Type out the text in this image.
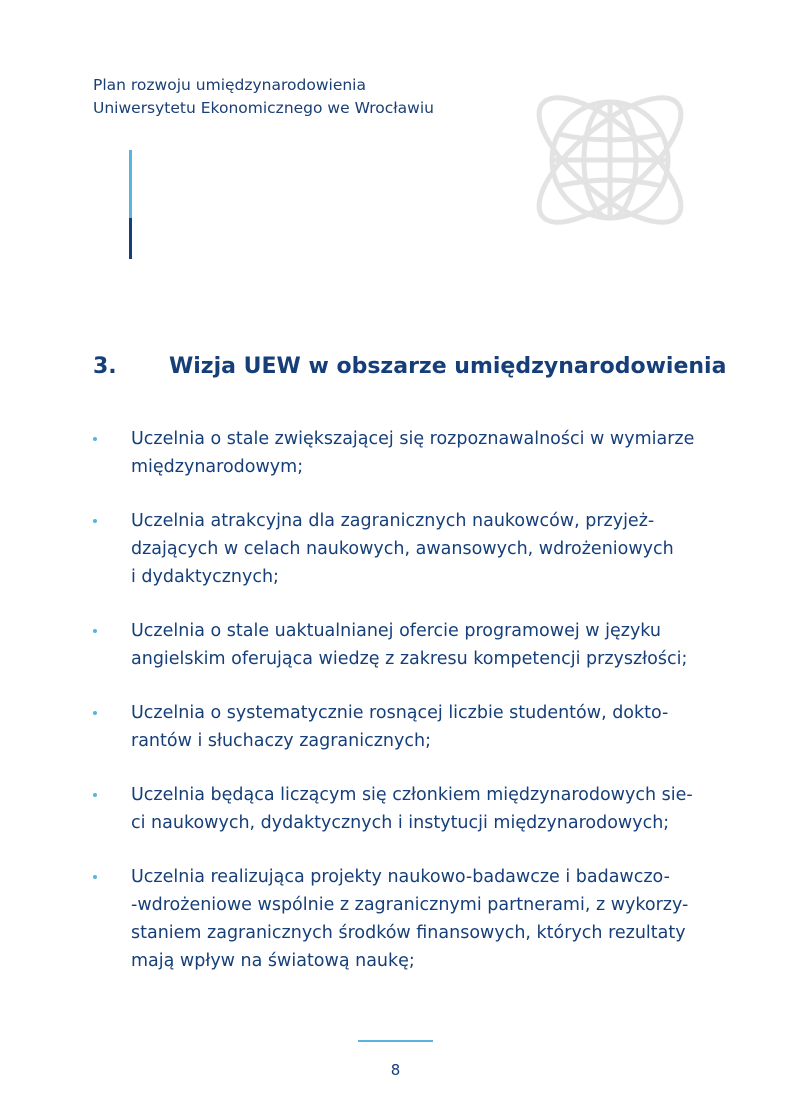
Plan rozwoju umiędzynarodowienia
Uniwersytetu Ekonomicznego we Wrocławiu
3. Wizja UEW w obszarze umiędzynarodowienia

Uczelnia o stale zwiększającej się rozpoznawalności w wymiarze
międzynarodowym;

Uczelnia atrakcyjna dla zagranicznych naukowców, przyjeż-
dzających w celach naukowych, awansowych, wdrożeniowych
i dydaktycznych;

Uczelnia o stale uaktualnianej ofercie programowej w języku
angielskim oferująca wiedzę z zakresu kompetencji przyszłości;

Uczelnia o systematycznie rosnącej liczbie studentów, dokto-
rantów i słuchaczy zagranicznych;

Uczelnia będąca liczącym się członkiem międzynarodowych sie-
ci naukowych, dydaktycznych i instytucji międzynarodowych;

Uczelnia realizująca projekty naukowo-badawcze i badawczo-
-wdrożeniowe wspólnie z zagranicznymi partnerami, z wykorzy-
staniem zagranicznych środków finansowych, których rezultaty
mają wpływ na światową naukę;

8
